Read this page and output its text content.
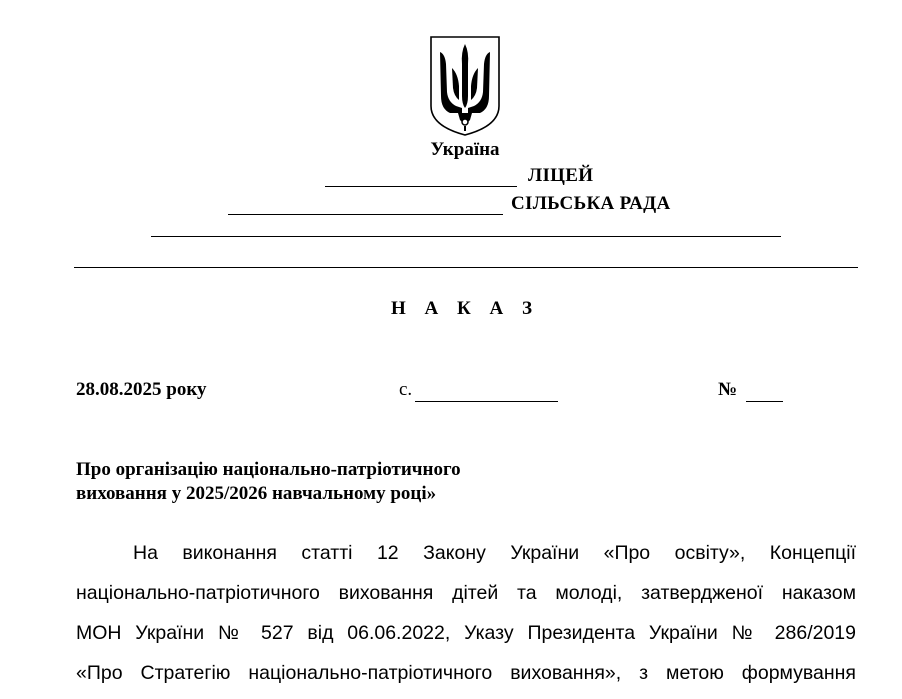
Україна
ЛІЦЕЙ
СІЛЬСЬКА РАДА
Н А К А З
28.08.2025 року	с.	№
Про організацію національно-патріотичного
виховання у 2025/2026 навчальному році»
На виконання статті 12 Закону України «Про освіту», Концепції
національно-патріотичного виховання дітей та молоді, затвердженої наказом
МОН України № 527 від 06.06.2022, Указу Президента України № 286/2019
«Про Стратегію національно-патріотичного виховання», з метою формування
